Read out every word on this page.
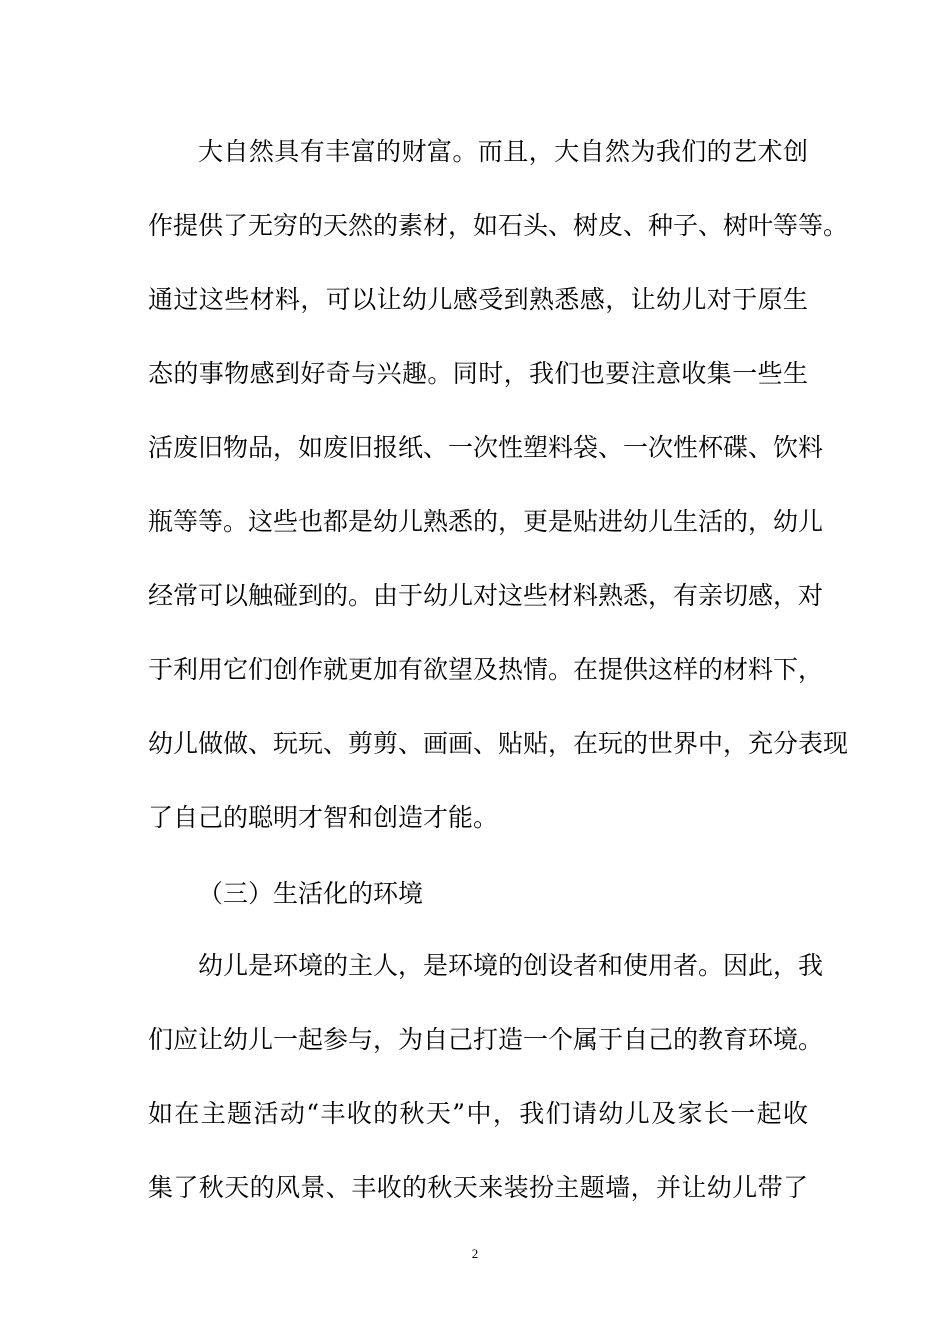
大自然具有丰富的财富。而且，大自然为我们的艺术创
作提供了无穷的天然的素材，如石头、树皮、种子、树叶等等。
通过这些材料，可以让幼儿感受到熟悉感，让幼儿对于原生
态的事物感到好奇与兴趣。同时，我们也要注意收集一些生
活废旧物品，如废旧报纸、一次性塑料袋、一次性杯碟、饮料
瓶等等。这些也都是幼儿熟悉的，更是贴进幼儿生活的，幼儿
经常可以触碰到的。由于幼儿对这些材料熟悉，有亲切感，对
于利用它们创作就更加有欲望及热情。在提供这样的材料下，
幼儿做做、玩玩、剪剪、画画、贴贴，在玩的世界中，充分表现
了自己的聪明才智和创造才能。
（三）生活化的环境
幼儿是环境的主人，是环境的创设者和使用者。因此，我
们应让幼儿一起参与，为自己打造一个属于自己的教育环境。
如在主题活动“丰收的秋天”中，我们请幼儿及家长一起收
集了秋天的风景、丰收的秋天来装扮主题墙，并让幼儿带了
2
